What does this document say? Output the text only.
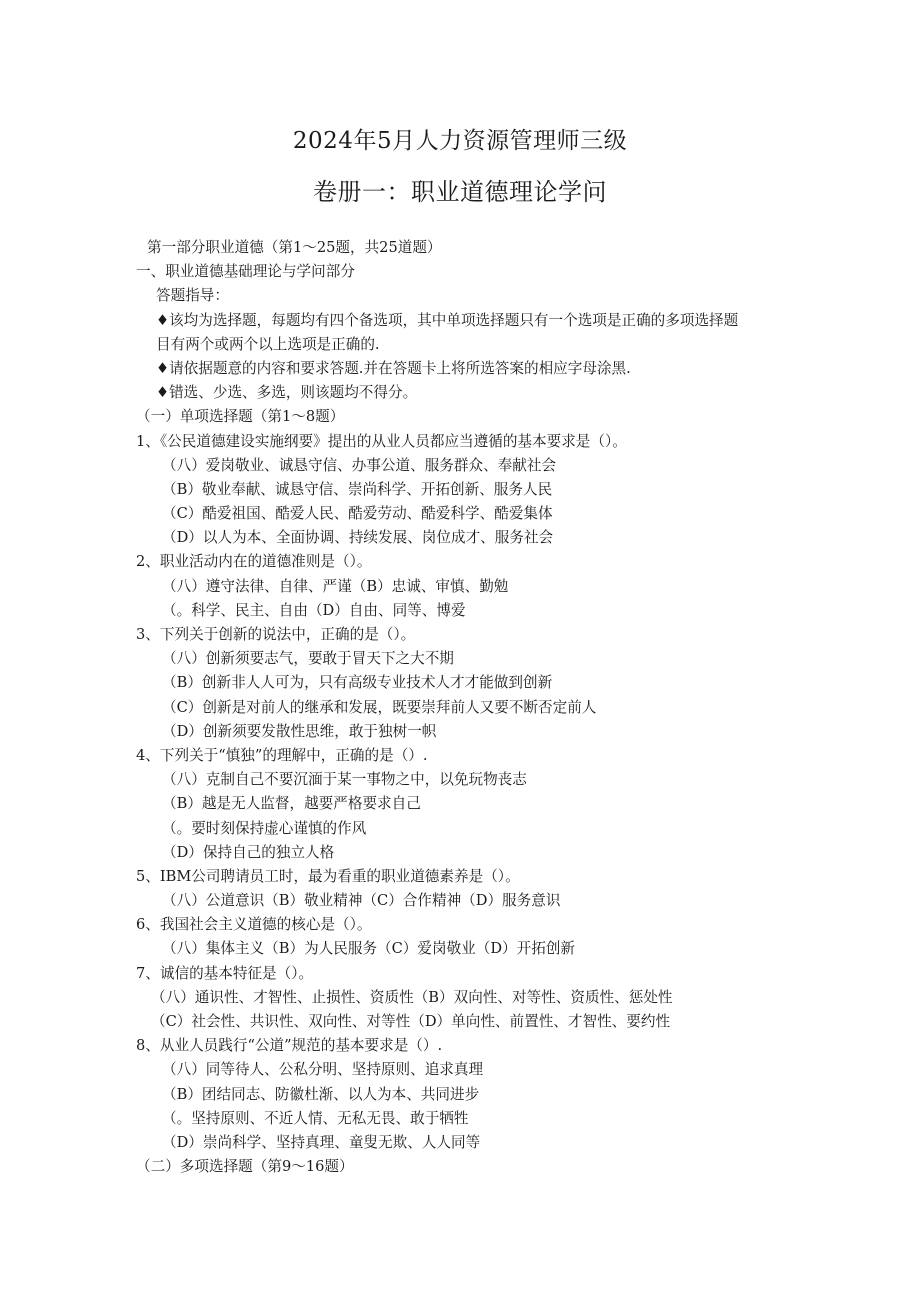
2024年5月人力资源管理师三级
卷册一：职业道德理论学问
第一部分职业道德（第1〜25题，共25道题）
一、职业道德基础理论与学问部分
答题指导：
♦该均为选择题，每题均有四个备选项，其中单项选择题只有一个选项是正确的多项选择题
目有两个或两个以上选项是正确的.
♦请依据题意的内容和要求答题.并在答题卡上将所选答案的相应字母涂黑.
♦错选、少选、多选，则该题均不得分。
（一）单项选择题（第1〜8题）
1、《公民道德建设实施纲要》提出的从业人员都应当遵循的基本要求是（）。
（八）爱岗敬业、诚恳守信、办事公道、服务群众、奉献社会
（B）敬业奉献、诚恳守信、崇尚科学、开拓创新、服务人民
（C）酷爱祖国、酷爱人民、酷爱劳动、酷爱科学、酷爱集体
（D）以人为本、全面协调、持续发展、岗位成才、服务社会
2、职业活动内在的道德准则是（）。
（八）遵守法律、自律、严谨（B）忠诚、审慎、勤勉
（。科学、民主、自由（D）自由、同等、博爱
3、下列关于创新的说法中，正确的是（）。
（八）创新须要志气，要敢于冒天下之大不期
（B）创新非人人可为，只有高级专业技术人才才能做到创新
（C）创新是对前人的继承和发展，既要崇拜前人又要不断否定前人
（D）创新须要发散性思维，敢于独树一帜
4、下列关于“慎独”的理解中，正确的是（）.
（八）克制自己不要沉湎于某一事物之中，以免玩物丧志
（B）越是无人监督，越要严格要求自己
（。要时刻保持虚心谨慎的作风
（D）保持自己的独立人格
5、IBM公司聘请员工时，最为看重的职业道德素养是（）。
（八）公道意识（B）敬业精神（C）合作精神（D）服务意识
6、我国社会主义道德的核心是（）。
（八）集体主义（B）为人民服务（C）爱岗敬业（D）开拓创新
7、诚信的基本特征是（）。
（八）通识性、才智性、止损性、资质性（B）双向性、对等性、资质性、惩处性
（C）社会性、共识性、双向性、对等性（D）单向性、前置性、才智性、要约性
8、从业人员践行“公道”规范的基本要求是（）.
（八）同等待人、公私分明、坚持原则、追求真理
（B）团结同志、防徽杜渐、以人为本、共同进步
（。坚持原则、不近人情、无私无畏、敢于牺牲
（D）崇尚科学、坚持真理、童叟无欺、人人同等
（二）多项选择题（第9〜16题）
